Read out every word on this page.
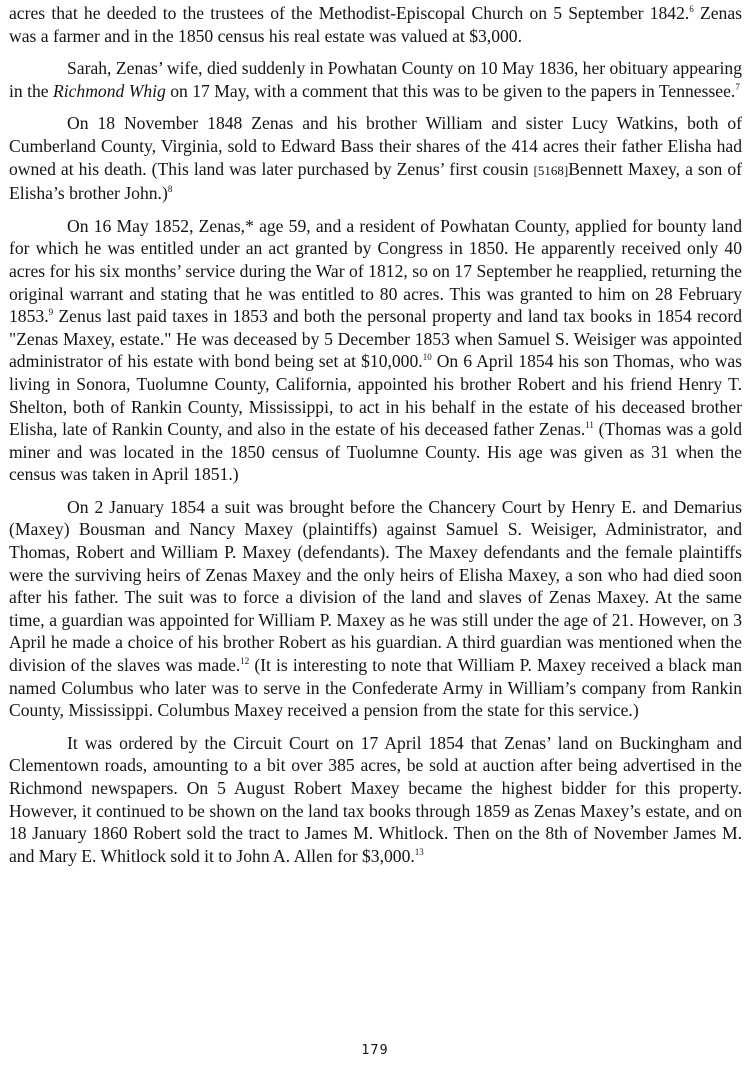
acres that he deeded to the trustees of the Methodist-Episcopal Church on 5 September 1842.$^6$ Zenas was a farmer and in the 1850 census his real estate was valued at $3,000.

Sarah, Zenas’ wife, died suddenly in Powhatan County on 10 May 1836, her obituary appearing in the Richmond Whig on 17 May, with a comment that this was to be given to the papers in Tennessee.$^7$

On 18 November 1848 Zenas and his brother William and sister Lucy Watkins, both of Cumberland County, Virginia, sold to Edward Bass their shares of the 414 acres their father Elisha had owned at his death. (This land was later purchased by Zenus’ first cousin [5168]Bennett Maxey, a son of Elisha’s brother John.)$^8$

On 16 May 1852, Zenas,* age 59, and a resident of Powhatan County, applied for bounty land for which he was entitled under an act granted by Congress in 1850. He apparently received only 40 acres for his six months’ service during the War of 1812, so on 17 September he reapplied, returning the original warrant and stating that he was entitled to 80 acres. This was granted to him on 28 February 1853.$^9$ Zenus last paid taxes in 1853 and both the personal property and land tax books in 1854 record "Zenas Maxey, estate." He was deceased by 5 December 1853 when Samuel S. Weisiger was appointed administrator of his estate with bond being set at $10,000.10 On 6 April 1854 his son Thomas, who was living in Sonora, Tuolumne County, California, appointed his brother Robert and his friend Henry T. Shelton, both of Rankin County, Mississippi, to act in his behalf in the estate of his deceased brother Elisha, late of Rankin County, and also in the estate of his deceased father Zenas.$^{11}$ (Thomas was a gold miner and was located in the 1850 census of Tuolumne County. His age was given as 31 when the census was taken in April 1851.)

On 2 January 1854 a suit was brought before the Chancery Court by Henry E. and Demarius (Maxey) Bousman and Nancy Maxey (plaintiffs) against Samuel S. Weisiger, Administrator, and Thomas, Robert and William P. Maxey (defendants). The Maxey defendants and the female plaintiffs were the surviving heirs of Zenas Maxey and the only heirs of Elisha Maxey, a son who had died soon after his father. The suit was to force a division of the land and slaves of Zenas Maxey. At the same time, a guardian was appointed for William P. Maxey as he was still under the age of 21. However, on 3 April he made a choice of his brother Robert as his guardian. A third guardian was mentioned when the division of the slaves was made.$^{12}$ (It is interesting to note that William P. Maxey received a black man named Columbus who later was to serve in the Confederate Army in William’s company from Rankin County, Mississippi. Columbus Maxey received a pension from the state for this service.)

It was ordered by the Circuit Court on 17 April 1854 that Zenas’ land on Buckingham and Clementown roads, amounting to a bit over 385 acres, be sold at auction after being advertised in the Richmond newspapers. On 5 August Robert Maxey became the highest bidder for this property. However, it continued to be shown on the land tax books through 1859 as Zenas Maxey’s estate, and on 18 January 1860 Robert sold the tract to James M. Whitlock. Then on the 8th of November James M. and Mary E. Whitlock sold it to John A. Allen for $3,000.13

179
